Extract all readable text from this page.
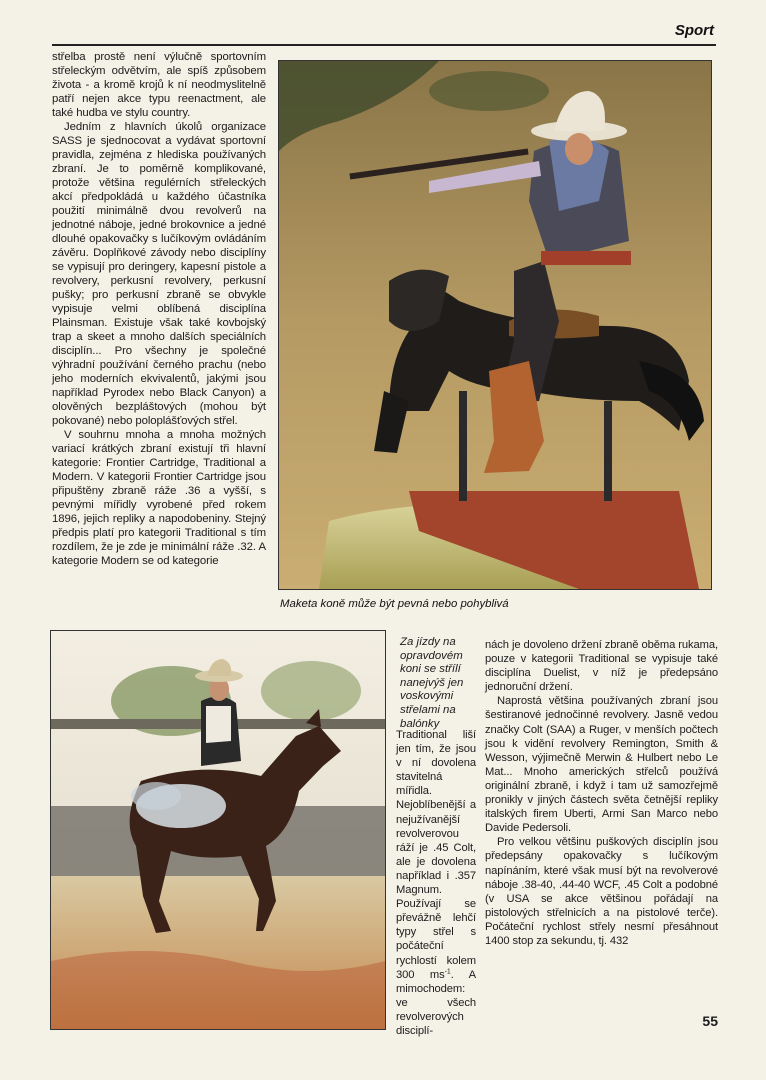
Sport

střelba prostě není výlučně sportovním střeleckým odvětvím, ale spíš způsobem života - a kromě krojů k ní neodmyslitelně patří nejen akce typu reenactment, ale také hudba ve stylu country.

Jedním z hlavních úkolů organizace SASS je sjednocovat a vydávat sportovní pravidla, zejména z hlediska používaných zbraní. Je to poměrně komplikované, protože většina regulérních střeleckých akcí předpokládá u každého účastníka použití minimálně dvou revolverů na jednotné náboje, jedné brokovnice a jedné dlouhé opakovačky s lučíkovým ovládáním závěru. Doplňkové závody nebo disciplíny se vypisují pro deringery, kapesní pistole a revolvery, perkusní revolvery, perkusní pušky; pro perkusní zbraně se obvykle vypisuje velmi oblíbená disciplína Plainsman. Existuje však také kovbojský trap a skeet a mnoho dalších speciálních disciplín... Pro všechny je společné výhradní používání černého prachu (nebo jeho moderních ekvivalentů, jakými jsou například Pyrodex nebo Black Canyon) a olověných bezpláštových (mohou být pokované) nebo poloplášťových střel.

V souhrnu mnoha a mnoha možných variací krátkých zbraní existují tři hlavní kategorie: Frontier Cartridge, Traditional a Modern. V kategorii Frontier Cartridge jsou připuštěny zbraně ráže .36 a vyšší, s pevnými mířidly vyrobené před rokem 1896, jejich repliky a napodobeniny. Stejný předpis platí pro kategorii Traditional s tím rozdílem, že je zde je minimální ráže .32. A kategorie Modern se od kategorie

Maketa koně může být pevná nebo pohyblivá
Za jízdy na opravdovém koni se střílí nanejvýš jen voskovými střelami na balónky

Traditional liší jen tím, že jsou v ní dovolena stavitelná mířidla. Nejoblíbenější a nejužívanější revolverovou ráží je .45 Colt, ale je dovolena například i .357 Magnum. Používají se převážně lehčí typy střel s počáteční rychlostí kolem 300 $ms^{-1}$. A mimochodem: ve všech revolverových disciplí-

nách je dovoleno držení zbraně oběma rukama, pouze v kategorii Traditional se vypisuje také disciplína Duelist, v níž je předepsáno jednoruční držení.

Naprostá většina používaných zbraní jsou šestiranové jednočinné revolvery. Jasně vedou značky Colt (SAA) a Ruger, v menších počtech jsou k vidění revolvery Remington, Smith & Wesson, výjimečně Merwin & Hulbert nebo Le Mat... Mnoho amerických střelců používá originální zbraně, i když i tam už samozřejmě pronikly v jiných částech světa četnější repliky italských firem Uberti, Armi San Marco nebo Davide Pedersoli.

Pro velkou většinu puškových disciplín jsou předepsány opakovačky s lučíkovým napínáním, které však musí být na revolverové náboje .38-40, .44-40 WCF, .45 Colt a podobné (v USA se akce většinou pořádají na pistolových střelnicích a na pistolové terče). Počáteční rychlost střely nesmí přesáhnout 1400 stop za sekundu, tj. 432

55
